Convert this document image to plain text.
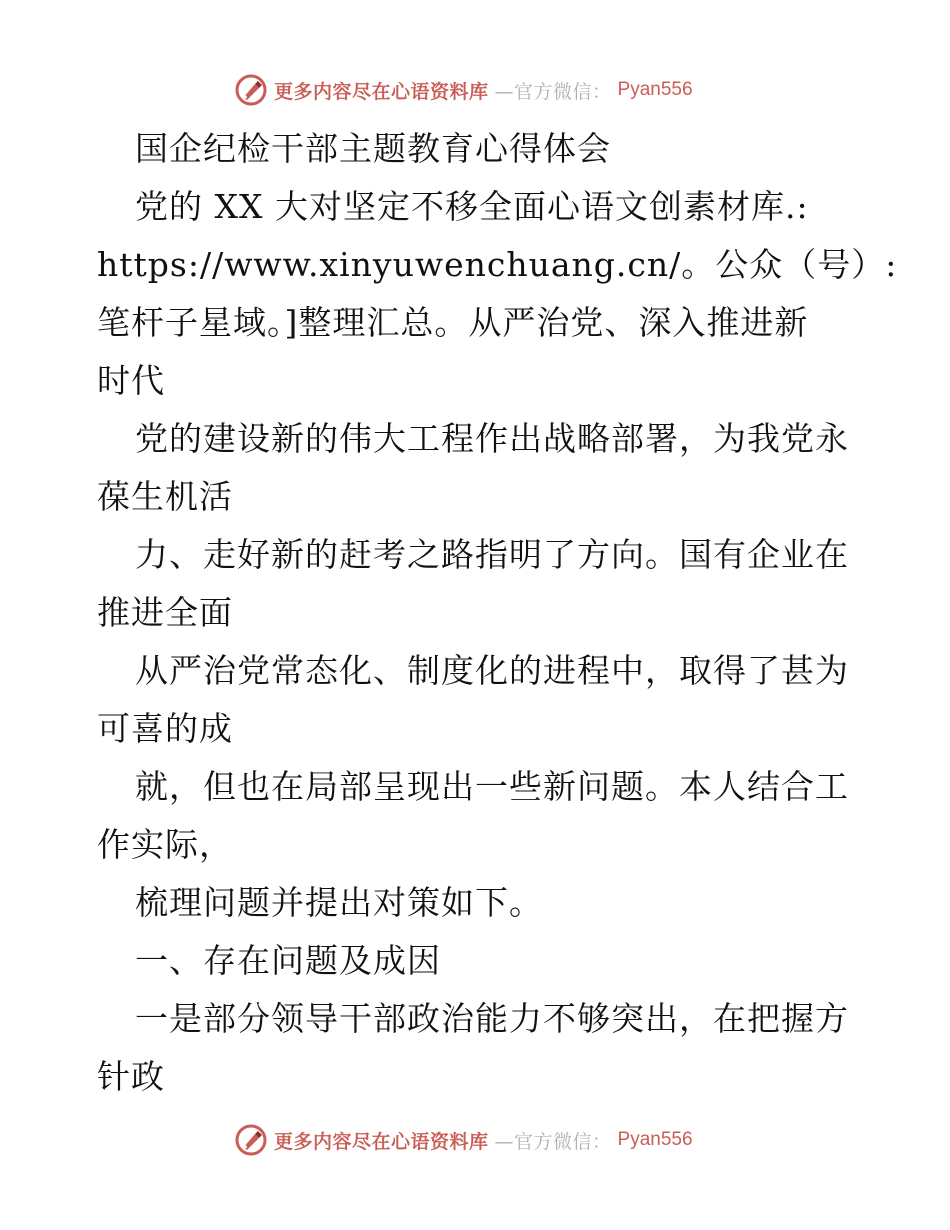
更多内容尽在心语资料库 —官方微信： Pyan556
国企纪检干部主题教育心得体会
党的 XX 大对坚定不移全面心语文创素材库.:
https://www.xinyuwenchuang.cn/。公众（号）:
笔杆子星域。]整理汇总。从严治党、深入推进新
时代
党的建设新的伟大工程作出战略部署，为我党永
葆生机活
力、走好新的赶考之路指明了方向。国有企业在
推进全面
从严治党常态化、制度化的进程中，取得了甚为
可喜的成
就，但也在局部呈现出一些新问题。本人结合工
作实际，
梳理问题并提出对策如下。
一、存在问题及成因
一是部分领导干部政治能力不够突出，在把握方
针政
更多内容尽在心语资料库 —官方微信： Pyan556
